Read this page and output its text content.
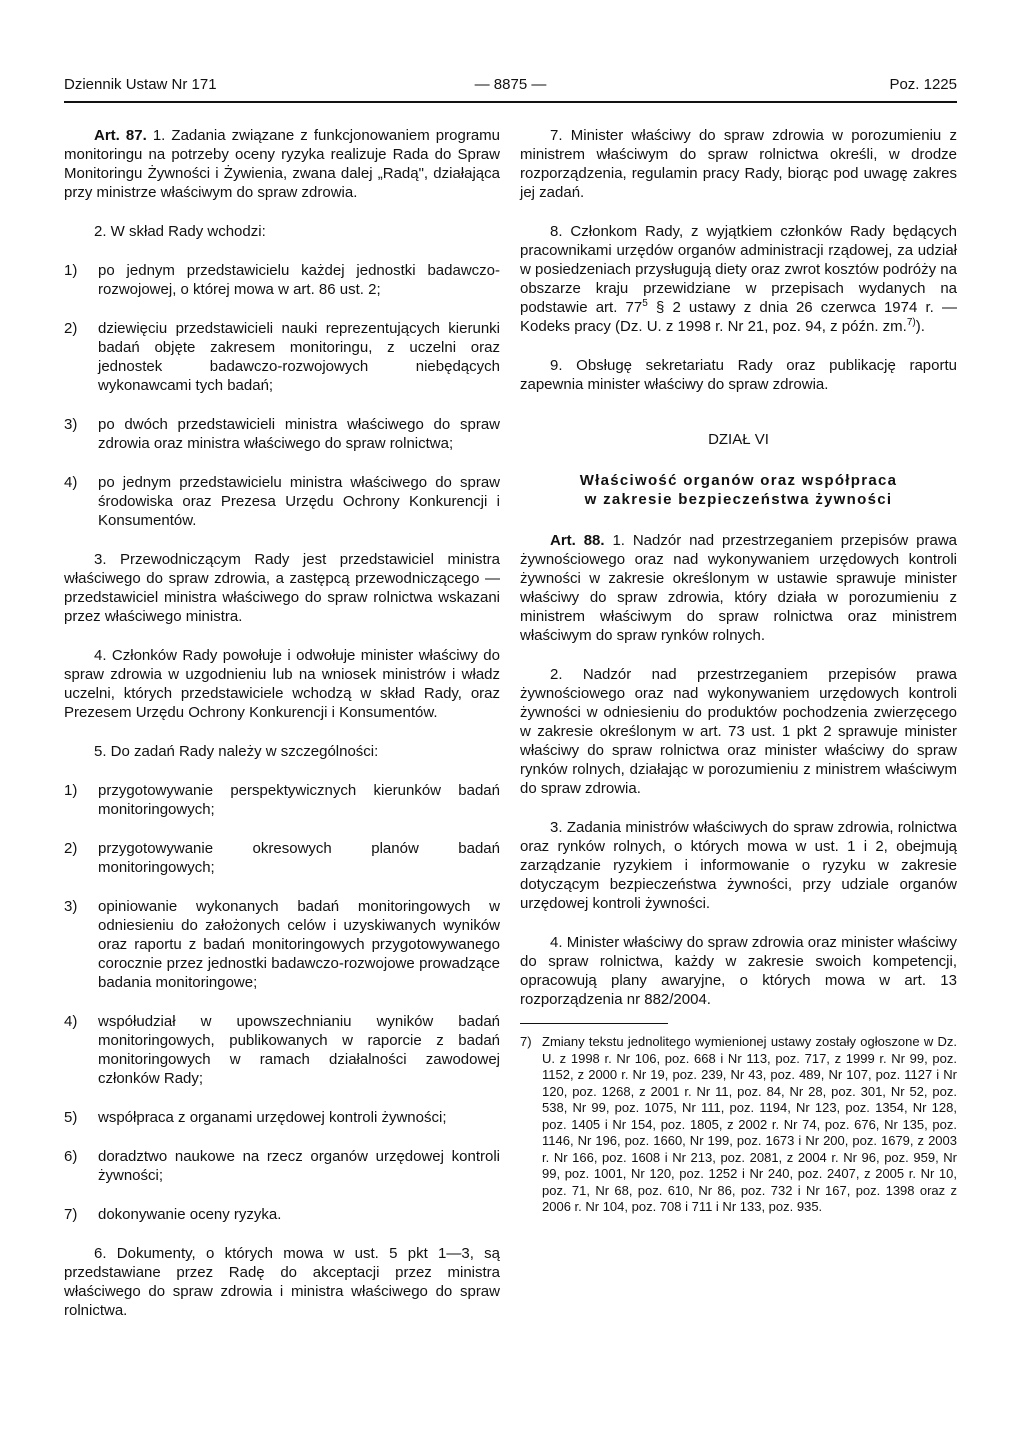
Dziennik Ustaw Nr 171	— 8875 —	Poz. 1225

Art. 87. 1. Zadania związane z funkcjonowaniem programu monitoringu na potrzeby oceny ryzyka realizuje Rada do Spraw Monitoringu Żywności i Żywienia, zwana dalej „Radą", działająca przy ministrze właściwym do spraw zdrowia.

2. W skład Rady wchodzi:

1) po jednym przedstawicielu każdej jednostki badawczo-rozwojowej, o której mowa w art. 86 ust. 2;
2) dziewięciu przedstawicieli nauki reprezentujących kierunki badań objęte zakresem monitoringu, z uczelni oraz jednostek badawczo-rozwojowych niebędących wykonawcami tych badań;
3) po dwóch przedstawicieli ministra właściwego do spraw zdrowia oraz ministra właściwego do spraw rolnictwa;
4) po jednym przedstawicielu ministra właściwego do spraw środowiska oraz Prezesa Urzędu Ochrony Konkurencji i Konsumentów.

3. Przewodniczącym Rady jest przedstawiciel ministra właściwego do spraw zdrowia, a zastępcą przewodniczącego — przedstawiciel ministra właściwego do spraw rolnictwa wskazani przez właściwego ministra.

4. Członków Rady powołuje i odwołuje minister właściwy do spraw zdrowia w uzgodnieniu lub na wniosek ministrów i władz uczelni, których przedstawiciele wchodzą w skład Rady, oraz Prezesem Urzędu Ochrony Konkurencji i Konsumentów.

5. Do zadań Rady należy w szczególności:

1) przygotowywanie perspektywicznych kierunków badań monitoringowych;
2) przygotowywanie okresowych planów badań monitoringowych;
3) opiniowanie wykonanych badań monitoringowych w odniesieniu do założonych celów i uzyskiwanych wyników oraz raportu z badań monitoringowych przygotowywanego corocznie przez jednostki badawczo-rozwojowe prowadzące badania monitoringowe;
4) współudział w upowszechnianiu wyników badań monitoringowych, publikowanych w raporcie z badań monitoringowych w ramach działalności zawodowej członków Rady;
5) współpraca z organami urzędowej kontroli żywności;
6) doradztwo naukowe na rzecz organów urzędowej kontroli żywności;
7) dokonywanie oceny ryzyka.

6. Dokumenty, o których mowa w ust. 5 pkt 1—3, są przedstawiane przez Radę do akceptacji przez ministra właściwego do spraw zdrowia i ministra właściwego do spraw rolnictwa.

7. Minister właściwy do spraw zdrowia w porozumieniu z ministrem właściwym do spraw rolnictwa określi, w drodze rozporządzenia, regulamin pracy Rady, biorąc pod uwagę zakres jej zadań.

8. Członkom Rady, z wyjątkiem członków Rady będących pracownikami urzędów organów administracji rządowej, za udział w posiedzeniach przysługują diety oraz zwrot kosztów podróży na obszarze kraju przewidziane w przepisach wydanych na podstawie art. $77^5$ § 2 ustawy z dnia 26 czerwca 1974 r. — Kodeks pracy (Dz. U. z 1998 r. Nr 21, poz. 94, z późn. zm.$^{7)}$).

9. Obsługę sekretariatu Rady oraz publikację raportu zapewnia minister właściwy do spraw zdrowia.

DZIAŁ VI

Właściwość organów oraz współpraca
w zakresie bezpieczeństwa żywności

Art. 88. 1. Nadzór nad przestrzeganiem przepisów prawa żywnościowego oraz nad wykonywaniem urzędowych kontroli żywności w zakresie określonym w ustawie sprawuje minister właściwy do spraw zdrowia, który działa w porozumieniu z ministrem właściwym do spraw rolnictwa oraz ministrem właściwym do spraw rynków rolnych.

2. Nadzór nad przestrzeganiem przepisów prawa żywnościowego oraz nad wykonywaniem urzędowych kontroli żywności w odniesieniu do produktów pochodzenia zwierzęcego w zakresie określonym w art. 73 ust. 1 pkt 2 sprawuje minister właściwy do spraw rolnictwa oraz minister właściwy do spraw rynków rolnych, działając w porozumieniu z ministrem właściwym do spraw zdrowia.

3. Zadania ministrów właściwych do spraw zdrowia, rolnictwa oraz rynków rolnych, o których mowa w ust. 1 i 2, obejmują zarządzanie ryzykiem i informowanie o ryzyku w zakresie dotyczącym bezpieczeństwa żywności, przy udziale organów urzędowej kontroli żywności.

4. Minister właściwy do spraw zdrowia oraz minister właściwy do spraw rolnictwa, każdy w zakresie swoich kompetencji, opracowują plany awaryjne, o których mowa w art. 13 rozporządzenia nr 882/2004.

7) Zmiany tekstu jednolitego wymienionej ustawy zostały ogłoszone w Dz. U. z 1998 r. Nr 106, poz. 668 i Nr 113, poz. 717, z 1999 r. Nr 99, poz. 1152, z 2000 r. Nr 19, poz. 239, Nr 43, poz. 489, Nr 107, poz. 1127 i Nr 120, poz. 1268, z 2001 r. Nr 11, poz. 84, Nr 28, poz. 301, Nr 52, poz. 538, Nr 99, poz. 1075, Nr 111, poz. 1194, Nr 123, poz. 1354, Nr 128, poz. 1405 i Nr 154, poz. 1805, z 2002 r. Nr 74, poz. 676, Nr 135, poz. 1146, Nr 196, poz. 1660, Nr 199, poz. 1673 i Nr 200, poz. 1679, z 2003 r. Nr 166, poz. 1608 i Nr 213, poz. 2081, z 2004 r. Nr 96, poz. 959, Nr 99, poz. 1001, Nr 120, poz. 1252 i Nr 240, poz. 2407, z 2005 r. Nr 10, poz. 71, Nr 68, poz. 610, Nr 86, poz. 732 i Nr 167, poz. 1398 oraz z 2006 r. Nr 104, poz. 708 i 711 i Nr 133, poz. 935.
